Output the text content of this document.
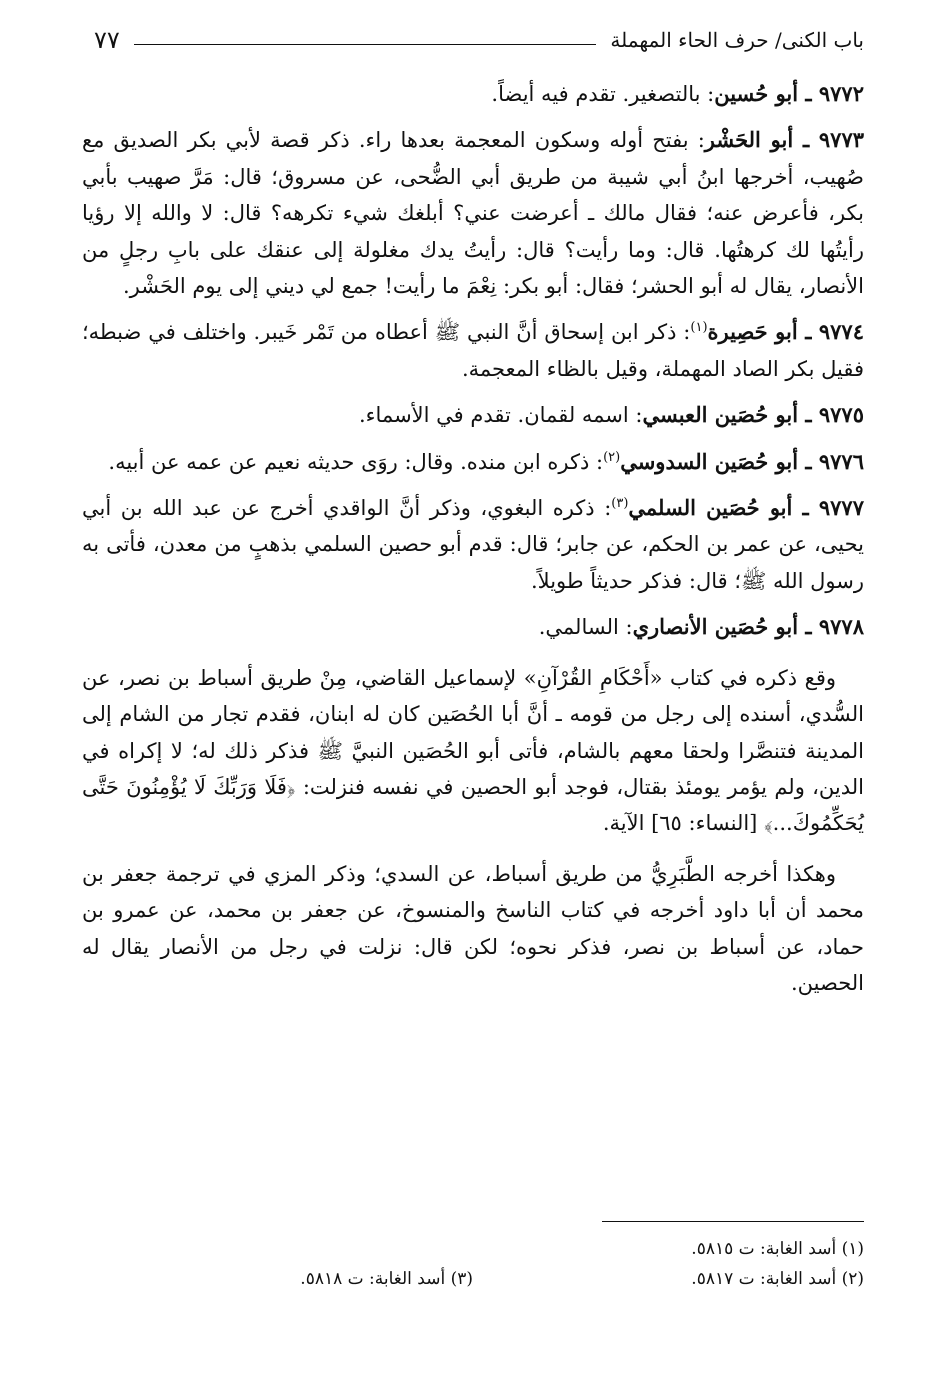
باب الكنى/ حرف الحاء المهملة
٧٧

٩٧٧٢ ـ أبو حُسين: بالتصغير. تقدم فيه أيضاً.

٩٧٧٣ ـ أبو الحَشْر: بفتح أوله وسكون المعجمة بعدها راء. ذكر قصة لأبي بكر الصديق مع صُهيب، أخرجها ابنُ أبي شيبة من طريق أبي الضُّحى، عن مسروق؛ قال: مَرَّ صهيب بأبي بكر، فأعرض عنه؛ فقال مالك ـ أعرضت عني؟ أبلغك شيء تكرهه؟ قال: لا والله إلا رؤيا رأيتُها لك كرهتُها. قال: وما رأيت؟ قال: رأيتُ يدك مغلولة إلى عنقك على بابِ رجلٍ من الأنصار، يقال له أبو الحشر؛ فقال: أبو بكر: نِعْمَ ما رأيت! جمع لي ديني إلى يوم الحَشْر.

٩٧٧٤ ـ أبو حَصِيرة$^{(١)}$: ذكر ابن إسحاق أنَّ النبي ﷺ أعطاه من تَمْر خَيبر. واختلف في ضبطه؛ فقيل بكر الصاد المهملة، وقيل بالظاء المعجمة.

٩٧٧٥ ـ أبو حُصَين العبسي: اسمه لقمان. تقدم في الأسماء.

٩٧٧٦ ـ أبو حُصَين السدوسي$^{(٢)}$: ذكره ابن منده. وقال: روَى حديثه نعيم عن عمه عن أبيه.

٩٧٧٧ ـ أبو حُصَين السلمي$^{(٣)}$: ذكره البغوي، وذكر أنَّ الواقدي أخرج عن عبد الله بن أبي يحيى، عن عمر بن الحكم، عن جابر؛ قال: قدم أبو حصين السلمي بذهبٍ من معدن، فأتى به رسول الله ﷺ؛ قال: فذكر حديثاً طويلاً.

٩٧٧٨ ـ أبو حُصَين الأنصاري: السالمي.

وقع ذكره في كتاب «أَحْكَامِ القُرْآنِ» لإسماعيل القاضي، مِنْ طريق أسباط بن نصر، عن السُّدي، أسنده إلى رجل من قومه ـ أنَّ أبا الحُصَين كان له ابنان، فقدم تجار من الشام إلى المدينة فتنصَّرا ولحقا معهم بالشام، فأتى أبو الحُصَين النبيَّ ﷺ فذكر ذلك له؛ لا إكراه في الدين، ولم يؤمر يومئذ بقتال، فوجد أبو الحصين في نفسه فنزلت: ﴿فَلَا وَرَبِّكَ لَا يُؤْمِنُونَ حَتَّى يُحَكِّمُوكَ...﴾ [النساء: ٦٥] الآية.

وهكذا أخرجه الطَّبَرِيُّ من طريق أسباط، عن السدي؛ وذكر المزي في ترجمة جعفر بن محمد أن أبا داود أخرجه في كتاب الناسخ والمنسوخ، عن جعفر بن محمد، عن عمرو بن حماد، عن أسباط بن نصر، فذكر نحوه؛ لكن قال: نزلت في رجل من الأنصار يقال له الحصين.

(١) أسد الغابة: ت ٥٨١٥.
(٢) أسد الغابة: ت ٥٨١٧.
(٣) أسد الغابة: ت ٥٨١٨.
